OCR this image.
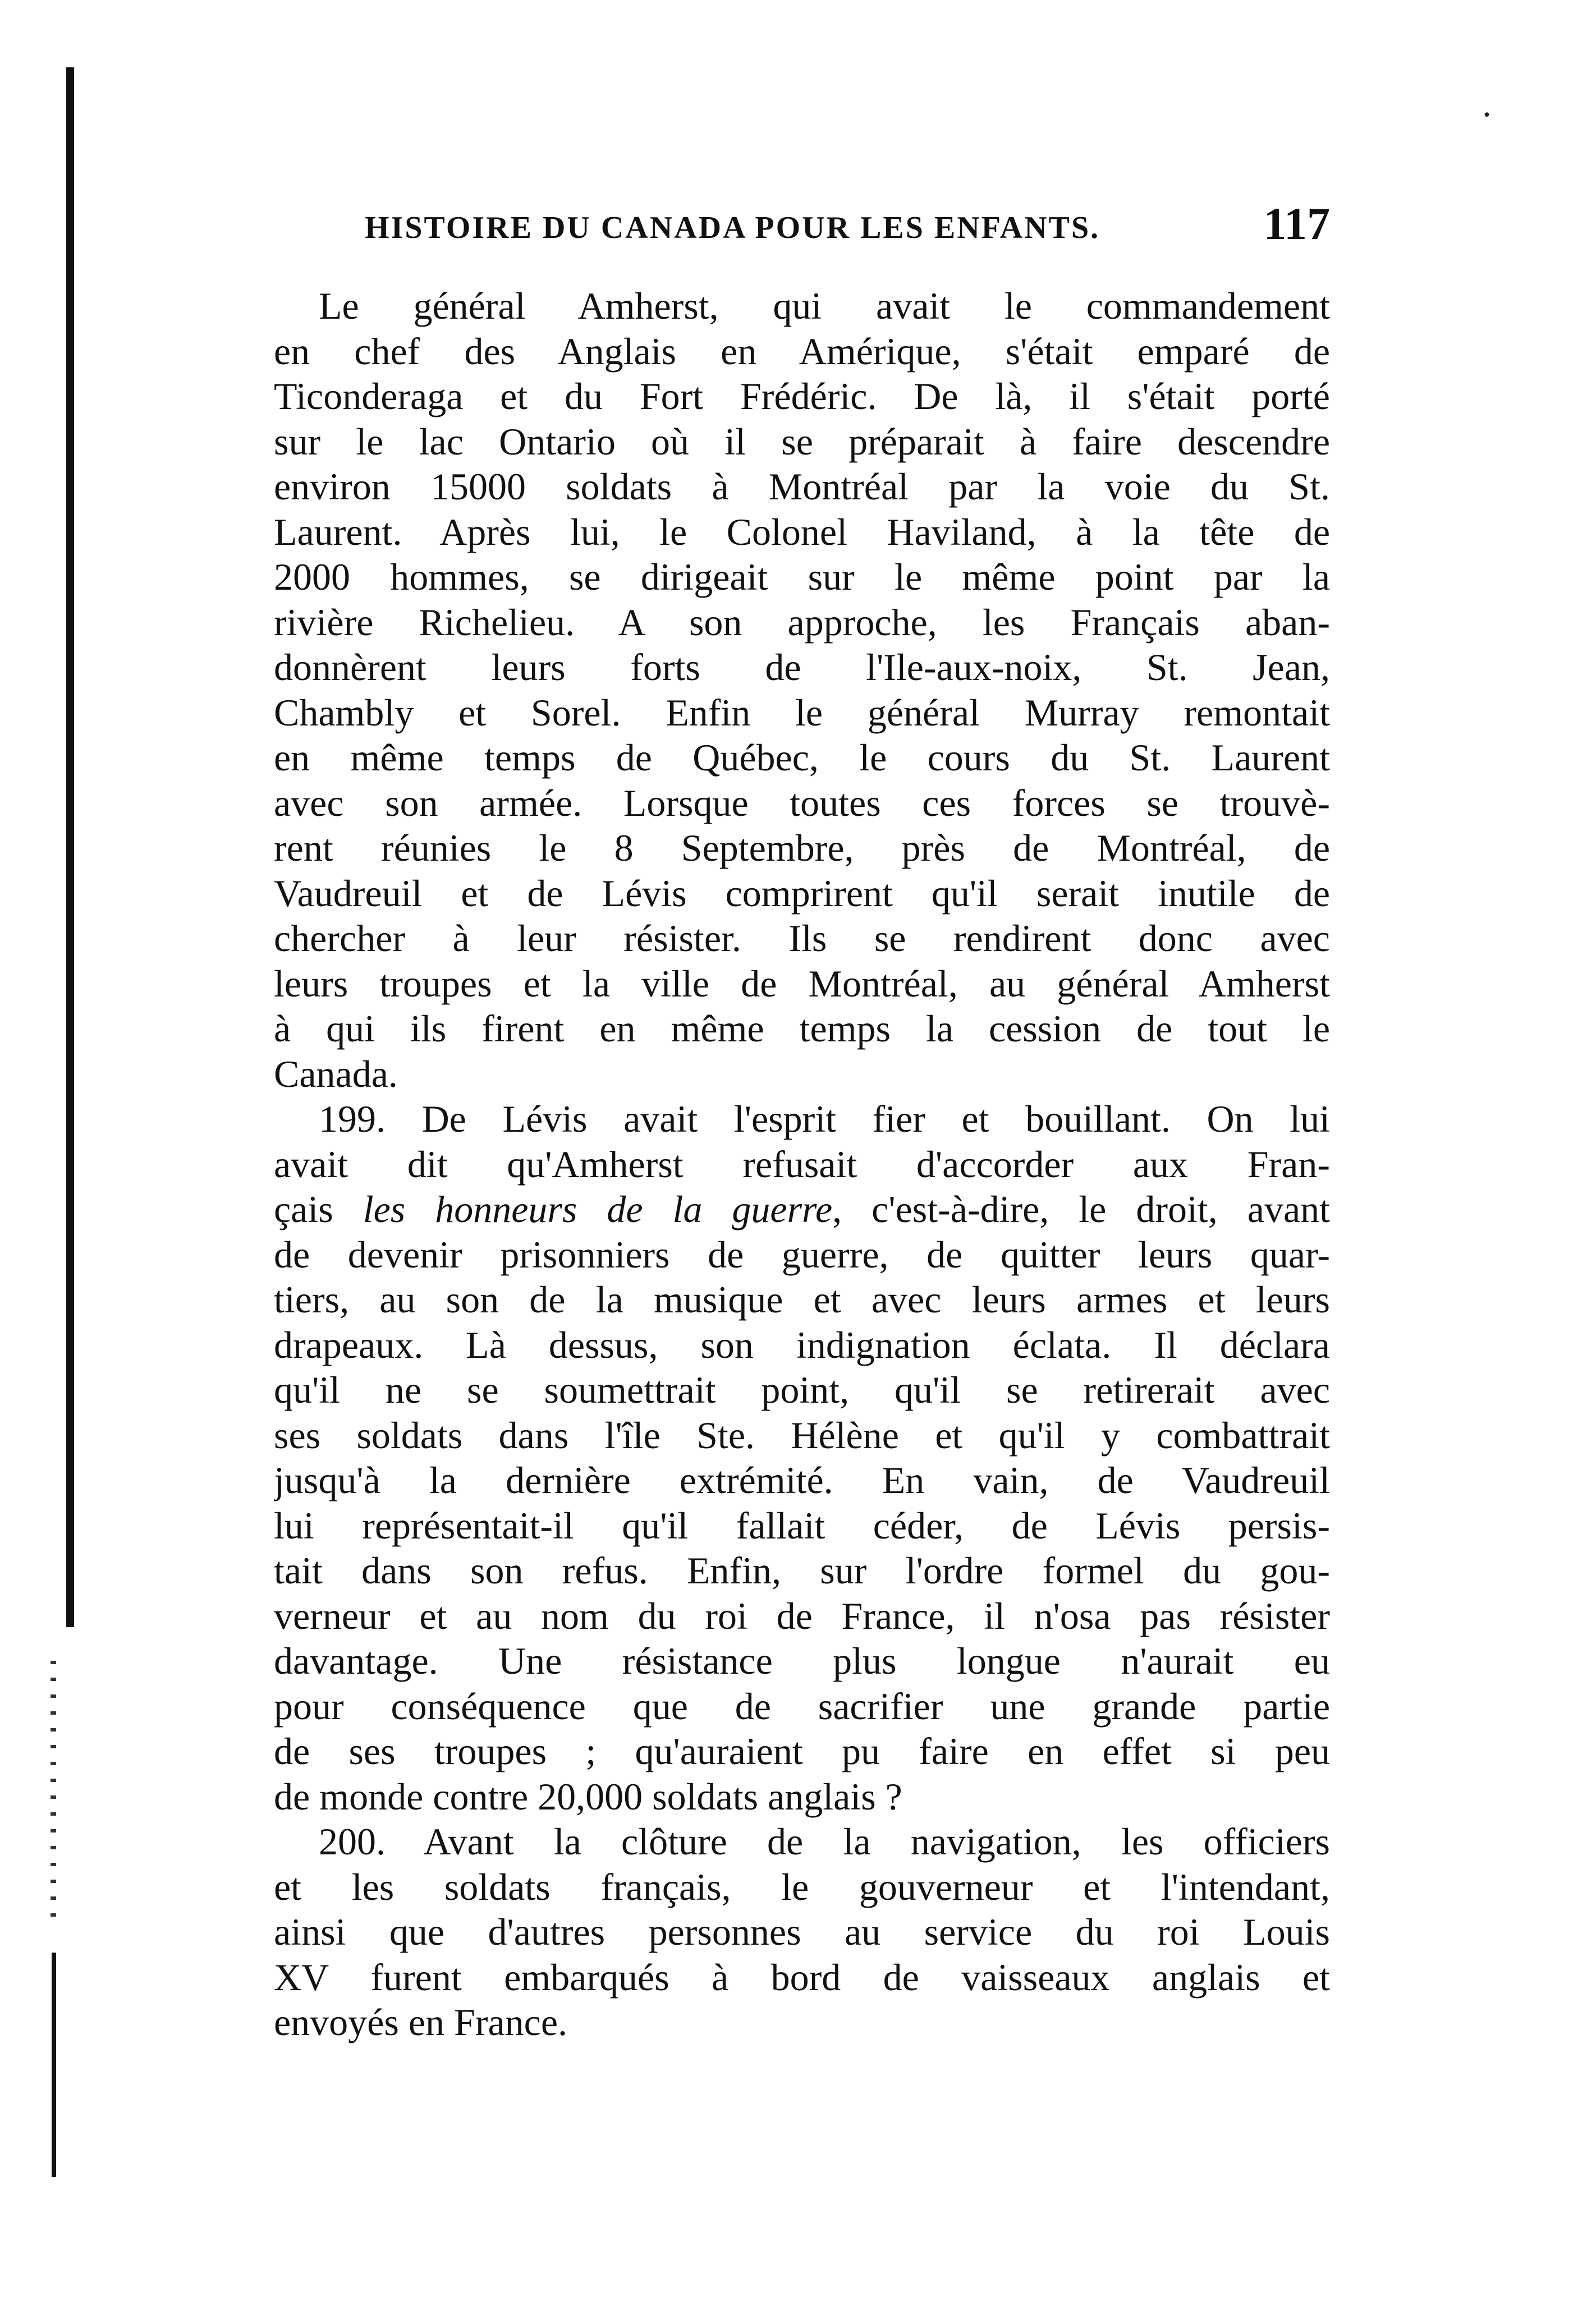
·
HISTOIRE DU CANADA POUR LES ENFANTS.	117
Le général Amherst, qui avait le commandement
en chef des Anglais en Amérique, s'était emparé de
Ticonderaga et du Fort Frédéric. De là, il s'était porté
sur le lac Ontario où il se préparait à faire descendre
environ 15000 soldats à Montréal par la voie du St.
Laurent. Après lui, le Colonel Haviland, à la tête de
2000 hommes, se dirigeait sur le même point par la
rivière Richelieu. A son approche, les Français aban-
donnèrent leurs forts de l'Ile-aux-noix, St. Jean,
Chambly et Sorel. Enfin le général Murray remontait
en même temps de Québec, le cours du St. Laurent
avec son armée. Lorsque toutes ces forces se trouvè-
rent réunies le 8 Septembre, près de Montréal, de
Vaudreuil et de Lévis comprirent qu'il serait inutile de
chercher à leur résister. Ils se rendirent donc avec
leurs troupes et la ville de Montréal, au général Amherst
à qui ils firent en même temps la cession de tout le
Canada.
199. De Lévis avait l'esprit fier et bouillant. On lui
avait dit qu'Amherst refusait d'accorder aux Fran-
çais les honneurs de la guerre, c'est-à-dire, le droit, avant
de devenir prisonniers de guerre, de quitter leurs quar-
tiers, au son de la musique et avec leurs armes et leurs
drapeaux. Là dessus, son indignation éclata. Il déclara
qu'il ne se soumettrait point, qu'il se retirerait avec
ses soldats dans l'île Ste. Hélène et qu'il y combattrait
jusqu'à la dernière extrémité. En vain, de Vaudreuil
lui représentait-il qu'il fallait céder, de Lévis persis-
tait dans son refus. Enfin, sur l'ordre formel du gou-
verneur et au nom du roi de France, il n'osa pas résister
davantage. Une résistance plus longue n'aurait eu
pour conséquence que de sacrifier une grande partie
de ses troupes ; qu'auraient pu faire en effet si peu
de monde contre 20,000 soldats anglais ?
200. Avant la clôture de la navigation, les officiers
et les soldats français, le gouverneur et l'intendant,
ainsi que d'autres personnes au service du roi Louis
XV furent embarqués à bord de vaisseaux anglais et
envoyés en France.
